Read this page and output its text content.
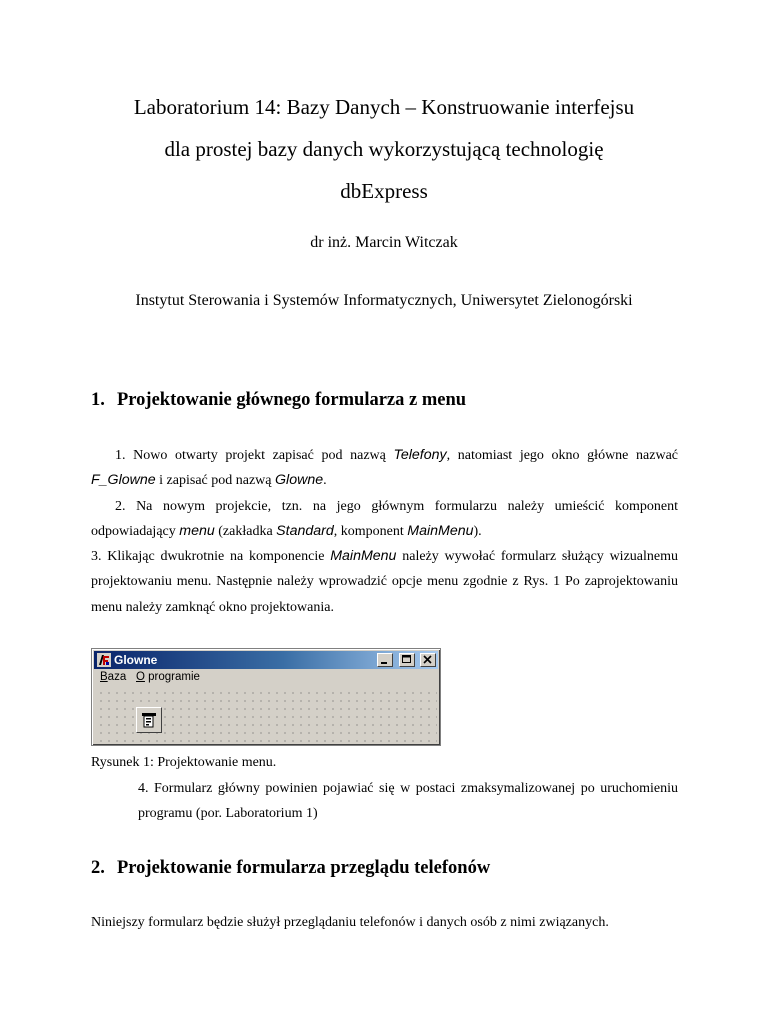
Laboratorium 14: Bazy Danych – Konstruowanie interfejsu
dla prostej bazy danych wykorzystującą technologię
dbExpress
dr inż. Marcin Witczak
Instytut Sterowania i Systemów Informatycznych, Uniwersytet Zielonogórski
1. Projektowanie głównego formularza z menu

1. Nowo otwarty projekt zapisać pod nazwą Telefony, natomiast jego okno główne nazwać F_Glowne i zapisać pod nazwą Glowne.

2. Na nowym projekcie, tzn. na jego głównym formularzu należy umieścić komponent odpowiadający menu (zakładka Standard, komponent MainMenu).

3. Klikając dwukrotnie na komponencie MainMenu należy wywołać formularz służący wizualnemu projektowaniu menu. Następnie należy wprowadzić opcje menu zgodnie z Rys. 1 Po zaprojektowaniu menu należy zamknąć okno projektowania.

Glowne

Baza O programie
Rysunek 1: Projektowanie menu.

4. Formularz główny powinien pojawiać się w postaci zmaksymalizowanej po uruchomieniu programu (por. Laboratorium 1)

2. Projektowanie formularza przeglądu telefonów

Niniejszy formularz będzie służył przeglądaniu telefonów i danych osób z nimi związanych.
